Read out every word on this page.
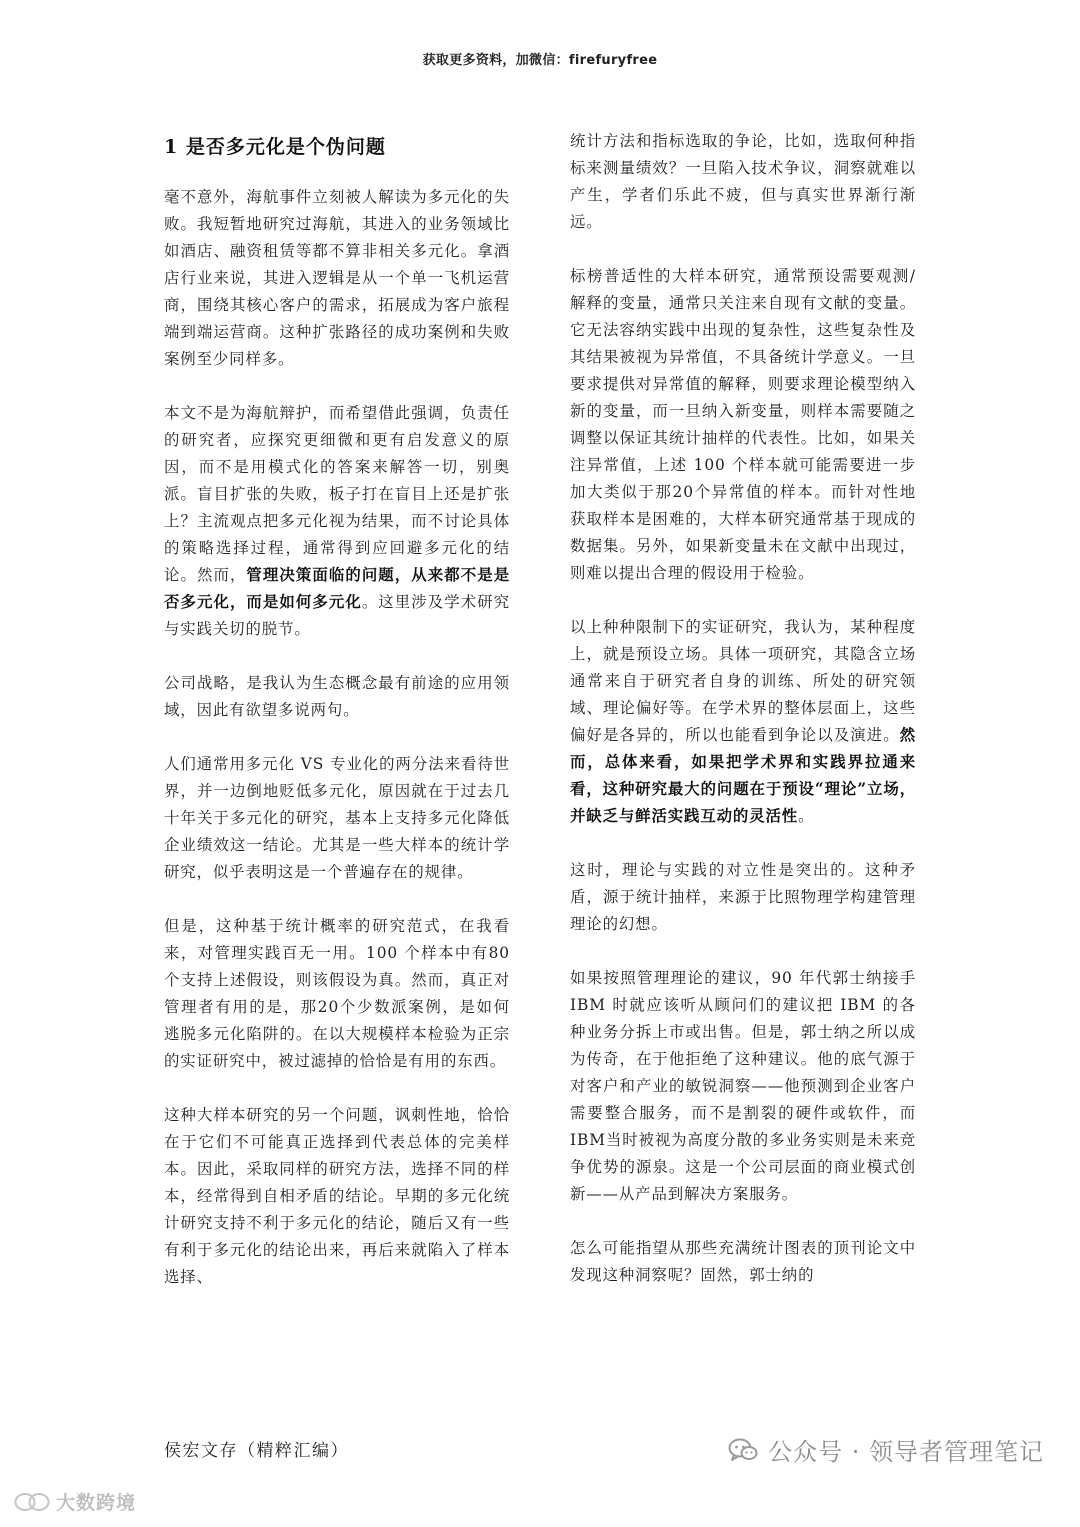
获取更多资料，加微信：firefuryfree
1 是否多元化是个伪问题

毫不意外，海航事件立刻被人解读为多元化的失败。我短暂地研究过海航，其进入的业务领域比如酒店、融资租赁等都不算非相关多元化。拿酒店行业来说，其进入逻辑是从一个单一飞机运营商，围绕其核心客户的需求，拓展成为客户旅程端到端运营商。这种扩张路径的成功案例和失败案例至少同样多。

本文不是为海航辩护，而希望借此强调，负责任的研究者，应探究更细微和更有启发意义的原因，而不是用模式化的答案来解答一切，别奥派。盲目扩张的失败，板子打在盲目上还是扩张上？主流观点把多元化视为结果，而不讨论具体的策略选择过程，通常得到应回避多元化的结论。然而，管理决策面临的问题，从来都不是是否多元化，而是如何多元化。这里涉及学术研究与实践关切的脱节。

公司战略，是我认为生态概念最有前途的应用领域，因此有欲望多说两句。

人们通常用多元化 VS 专业化的两分法来看待世界，并一边倒地贬低多元化，原因就在于过去几十年关于多元化的研究，基本上支持多元化降低企业绩效这一结论。尤其是一些大样本的统计学研究，似乎表明这是一个普遍存在的规律。

但是，这种基于统计概率的研究范式，在我看来，对管理实践百无一用。100 个样本中有80个支持上述假设，则该假设为真。然而，真正对管理者有用的是，那20个少数派案例，是如何逃脱多元化陷阱的。在以大规模样本检验为正宗的实证研究中，被过滤掉的恰恰是有用的东西。

这种大样本研究的另一个问题，讽刺性地，恰恰在于它们不可能真正选择到代表总体的完美样本。因此，采取同样的研究方法，选择不同的样本，经常得到自相矛盾的结论。早期的多元化统计研究支持不利于多元化的结论，随后又有一些有利于多元化的结论出来，再后来就陷入了样本选择、

统计方法和指标选取的争论，比如，选取何种指标来测量绩效？一旦陷入技术争议，洞察就难以产生，学者们乐此不疲，但与真实世界渐行渐远。

标榜普适性的大样本研究，通常预设需要观测/解释的变量，通常只关注来自现有文献的变量。它无法容纳实践中出现的复杂性，这些复杂性及其结果被视为异常值，不具备统计学意义。一旦要求提供对异常值的解释，则要求理论模型纳入新的变量，而一旦纳入新变量，则样本需要随之调整以保证其统计抽样的代表性。比如，如果关注异常值，上述 100 个样本就可能需要进一步加大类似于那20个异常值的样本。而针对性地获取样本是困难的，大样本研究通常基于现成的数据集。另外，如果新变量未在文献中出现过，则难以提出合理的假设用于检验。

以上种种限制下的实证研究，我认为，某种程度上，就是预设立场。具体一项研究，其隐含立场通常来自于研究者自身的训练、所处的研究领域、理论偏好等。在学术界的整体层面上，这些偏好是各异的，所以也能看到争论以及演进。然而，总体来看，如果把学术界和实践界拉通来看，这种研究最大的问题在于预设“理论”立场，并缺乏与鲜活实践互动的灵活性。

这时，理论与实践的对立性是突出的。这种矛盾，源于统计抽样，来源于比照物理学构建管理理论的幻想。

如果按照管理理论的建议，90 年代郭士纳接手 IBM 时就应该听从顾问们的建议把 IBM 的各种业务分拆上市或出售。但是，郭士纳之所以成为传奇，在于他拒绝了这种建议。他的底气源于对客户和产业的敏锐洞察——他预测到企业客户需要整合服务，而不是割裂的硬件或软件，而IBM当时被视为高度分散的多业务实则是未来竞争优势的源泉。这是一个公司层面的商业模式创新——从产品到解决方案服务。

怎么可能指望从那些充满统计图表的顶刊论文中发现这种洞察呢？固然，郭士纳的

侯宏文存（精粹汇编）	公众号 · 领导者管理笔记
大数跨境
